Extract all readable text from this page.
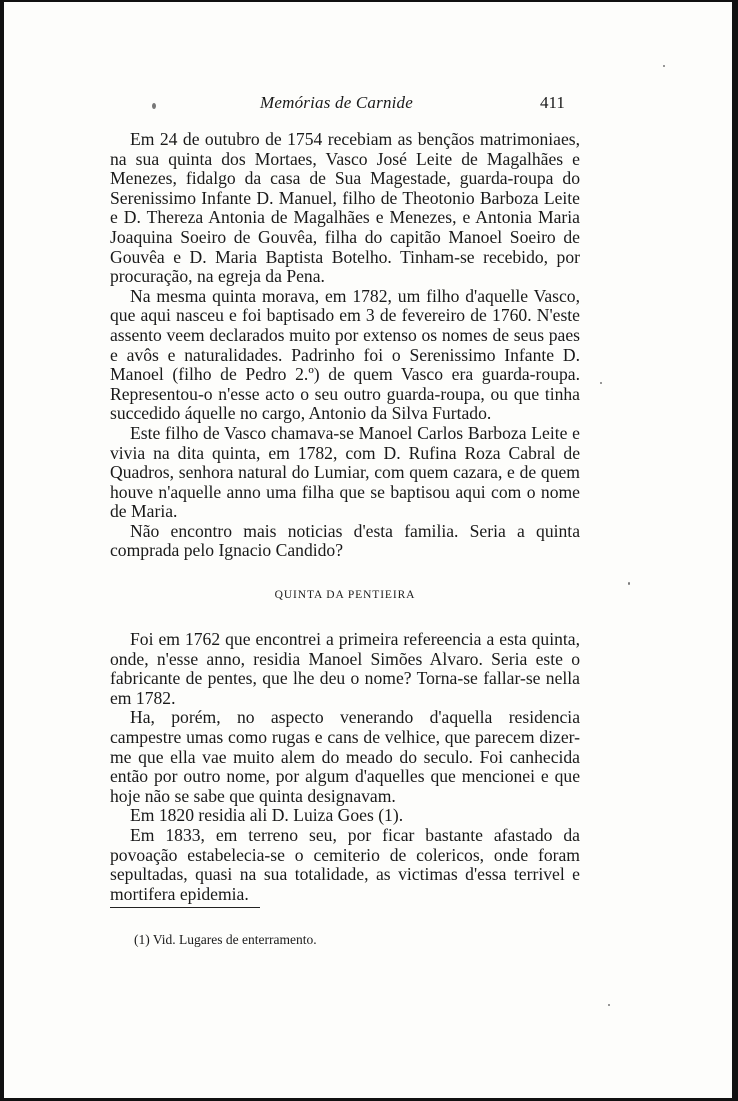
Memórias de Carnide	411

Em 24 de outubro de 1754 recebiam as bençãos matrimoniaes, na sua quinta dos Mortaes, Vasco José Leite de Magalhães e Menezes, fidalgo da casa de Sua Magestade, guarda-roupa do Serenissimo Infante D. Manuel, filho de Theotonio Barboza Leite e D. Thereza Antonia de Magalhães e Menezes, e Antonia Maria Joaquina Soeiro de Gouvêa, filha do capitão Manoel Soeiro de Gouvêa e D. Maria Baptista Botelho. Tinham-se recebido, por procuração, na egreja da Pena.

Na mesma quinta morava, em 1782, um filho d'aquelle Vasco, que aqui nasceu e foi baptisado em 3 de fevereiro de 1760. N'este assento veem declarados muito por extenso os nomes de seus paes e avôs e naturalidades. Padrinho foi o Serenissimo Infante D. Manoel (filho de Pedro 2.º) de quem Vasco era guarda-roupa. Representou-o n'esse acto o seu outro guarda-roupa, ou que tinha succedido áquelle no cargo, Antonio da Silva Furtado.

Este filho de Vasco chamava-se Manoel Carlos Barboza Leite e vivia na dita quinta, em 1782, com D. Rufina Roza Cabral de Quadros, senhora natural do Lumiar, com quem cazara, e de quem houve n'aquelle anno uma filha que se baptisou aqui com o nome de Maria.

Não encontro mais noticias d'esta familia. Seria a quinta comprada pelo Ignacio Candido?

QUINTA DA PENTIEIRA

Foi em 1762 que encontrei a primeira refereencia a esta quinta, onde, n'esse anno, residia Manoel Simões Alvaro. Seria este o fabricante de pentes, que lhe deu o nome? Torna-se fallar-se nella em 1782.

Ha, porém, no aspecto venerando d'aquella residencia campestre umas como rugas e cans de velhice, que parecem dizer-me que ella vae muito alem do meado do seculo. Foi canhecida então por outro nome, por algum d'aquelles que mencionei e que hoje não se sabe que quinta designavam.

Em 1820 residia ali D. Luiza Goes (1).

Em 1833, em terreno seu, por ficar bastante afastado da povoação estabelecia-se o cemiterio de colericos, onde foram sepultadas, quasi na sua totalidade, as victimas d'essa terrivel e mortifera epidemia.

(1) Vid. Lugares de enterramento.
